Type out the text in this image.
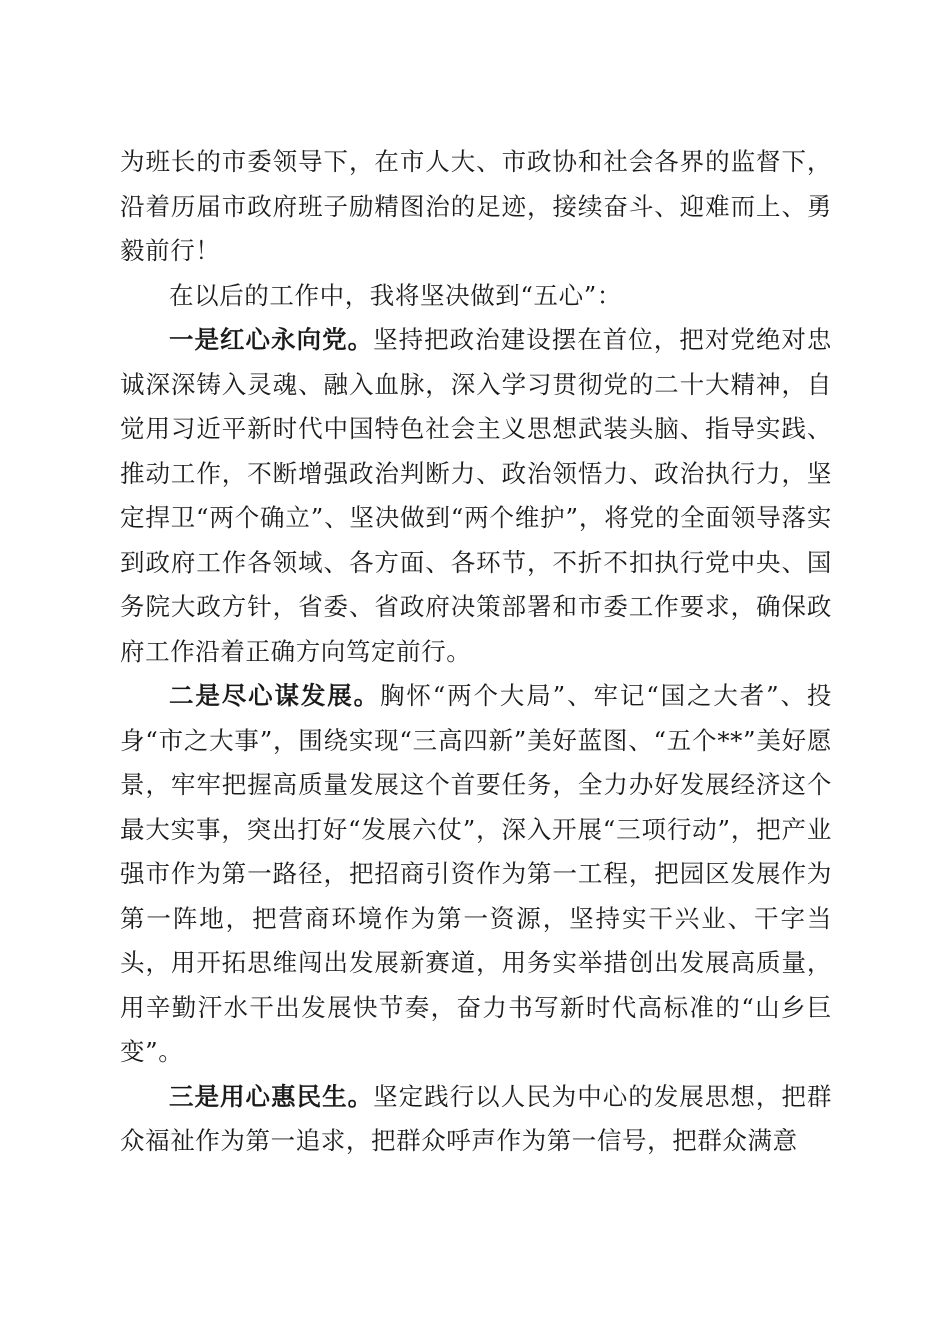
为班长的市委领导下，在市人大、市政协和社会各界的监督下，沿着历届市政府班子励精图治的足迹，接续奋斗、迎难而上、勇毅前行！

在以后的工作中，我将坚决做到“五心”：

一是红心永向党。坚持把政治建设摆在首位，把对党绝对忠诚深深铸入灵魂、融入血脉，深入学习贯彻党的二十大精神，自觉用习近平新时代中国特色社会主义思想武装头脑、指导实践、推动工作，不断增强政治判断力、政治领悟力、政治执行力，坚定捍卫“两个确立”、坚决做到“两个维护”，将党的全面领导落实到政府工作各领域、各方面、各环节，不折不扣执行党中央、国务院大政方针，省委、省政府决策部署和市委工作要求，确保政府工作沿着正确方向笃定前行。

二是尽心谋发展。胸怀“两个大局”、牢记“国之大者”、投身“市之大事”，围绕实现“三高四新”美好蓝图、“五个**”美好愿景，牢牢把握高质量发展这个首要任务，全力办好发展经济这个最大实事，突出打好“发展六仗”，深入开展“三项行动”，把产业强市作为第一路径，把招商引资作为第一工程，把园区发展作为第一阵地，把营商环境作为第一资源，坚持实干兴业、干字当头，用开拓思维闯出发展新赛道，用务实举措创出发展高质量，用辛勤汗水干出发展快节奏，奋力书写新时代高标准的“山乡巨变”。

三是用心惠民生。坚定践行以人民为中心的发展思想，把群众福祉作为第一追求，把群众呼声作为第一信号，把群众满意
